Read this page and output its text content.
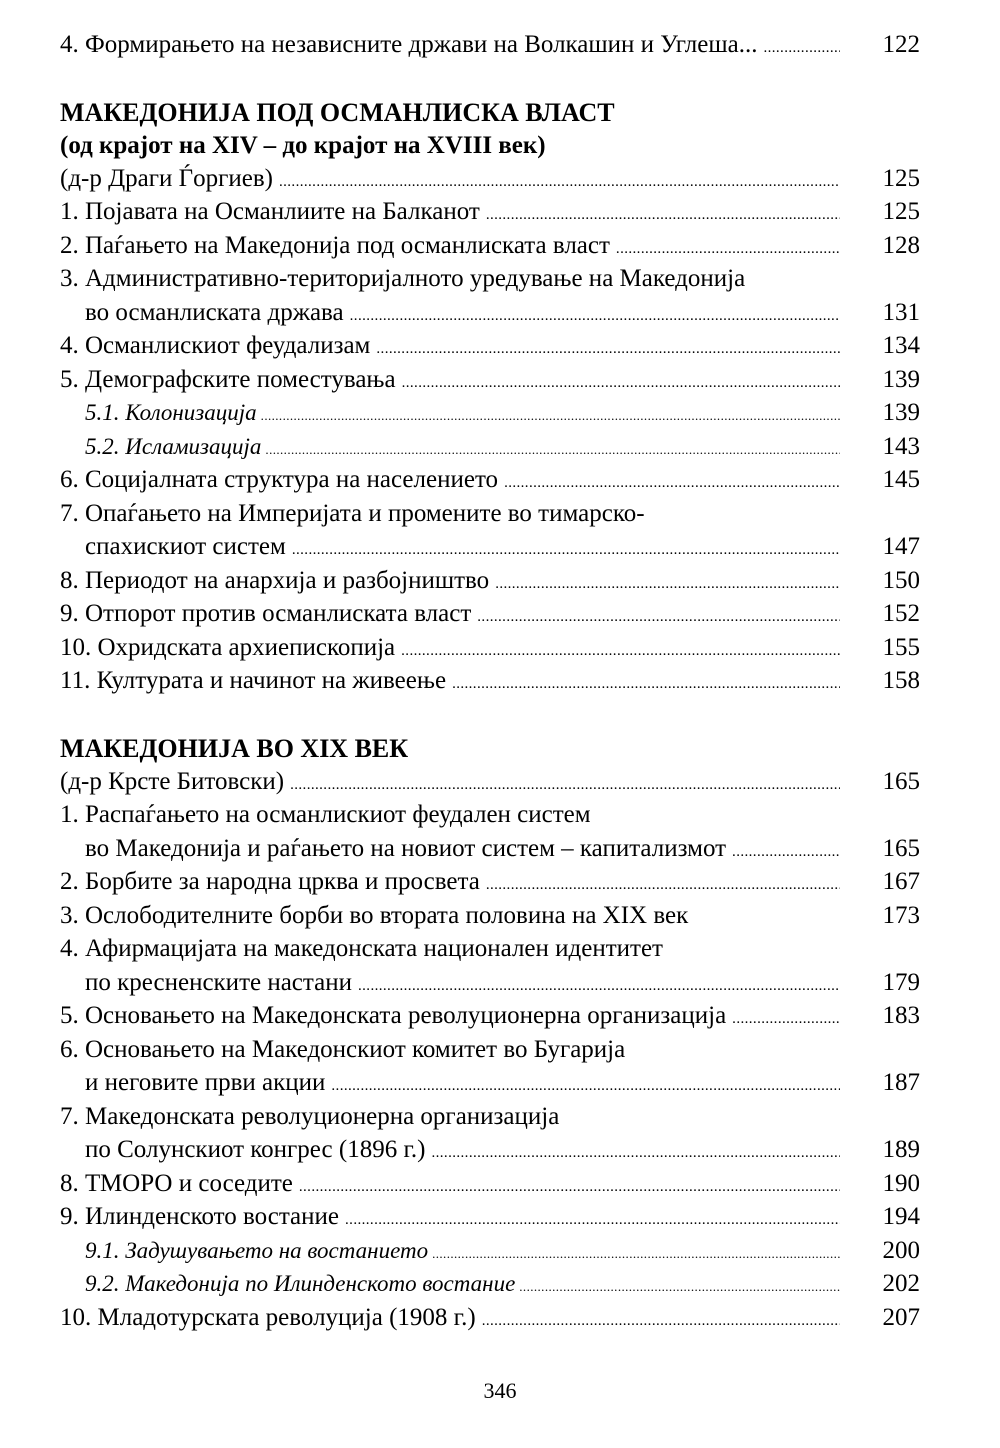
4. Формирањето на независните држави на Волкашин и Углеша... .....	122
МАКЕДОНИЈА ПОД ОСМАНЛИСКА ВЛАСТ
(од крајот на XIV – до крајот на XVIII век)
(д-р Драги Ѓоргиев) .....	125
1. Појавата на Османлиите на Балканот .....	125
2. Паѓањето на Македонија под османлиската власт .....	128
3. Административно-територијалното уредување на Македонија
во османлиската држава .....	131
4. Османлискиот феудализам .....	134
5. Демографските поместувања .....	139
5.1. Колонизација .....	139
5.2. Исламизација .....	143
6. Социјалната структура на населението .....	145
7. Опаѓањето на Империјата и промените во тимарско-
спахискиот систем .....	147
8. Периодот на анархија и разбојништво .....	150
9. Отпорот против османлиската власт .....	152
10. Охридската архиепископија .....	155
11. Културата и начинот на живеење .....	158
МАКЕДОНИЈА ВО XIX ВЕК
(д-р Крсте Битовски) .....	165
1. Распаѓањето на османлискиот феудален систем
во Македонија и раѓањето на новиот систем – капитализмот .....	165
2. Борбите за народна црква и просвета .....	167
3. Ослободителните борби во втората половина на XIX век	173
4. Афирмацијата на македонската национален идентитет
по кресненските настани .....	179
5. Основањето на Македонската револуционерна организација .....	183
6. Основањето на Македонскиот комитет во Бугарија
и неговите први акции .....	187
7. Македонската револуционерна организација
по Солунскиот конгрес (1896 г.) .....	189
8. ТМОРО и соседите .....	190
9. Илинденското востание .....	194
9.1. Задушувањето на востанието .....	200
9.2. Македонија по Илинденското востание .....	202
10. Младотурската револуција (1908 г.) .....	207
346
